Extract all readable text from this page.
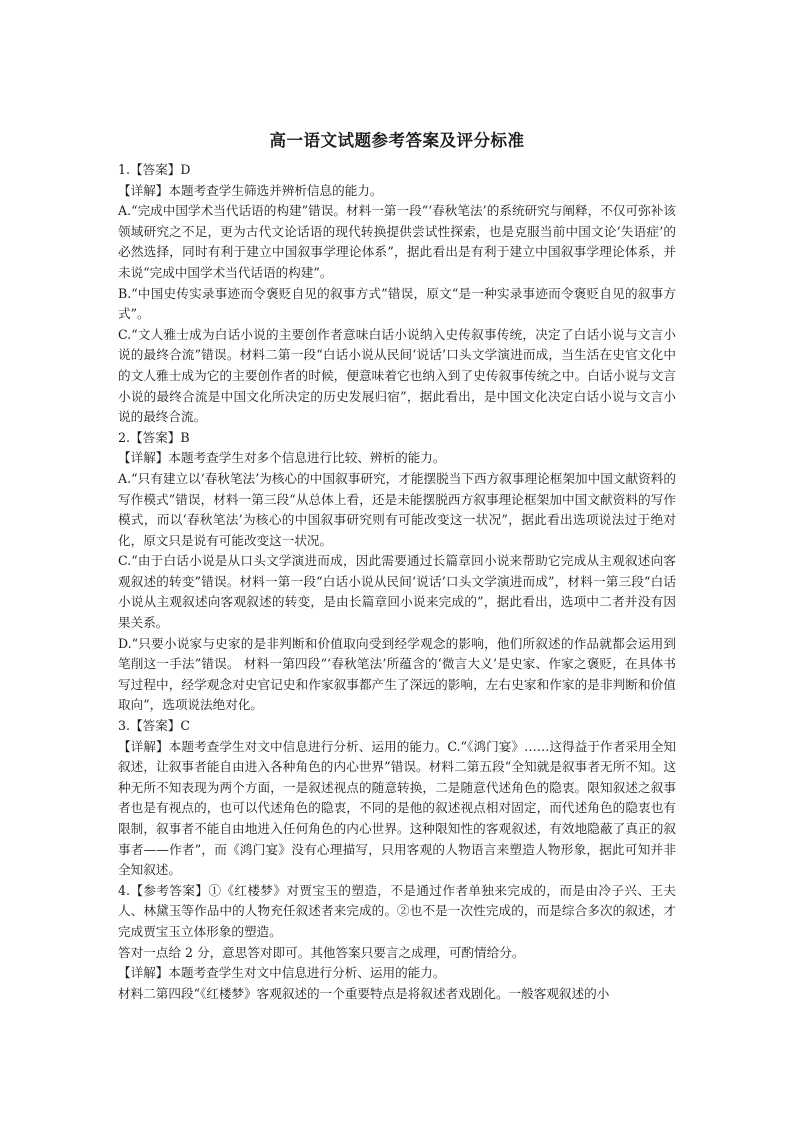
高一语文试题参考答案及评分标准

1.【答案】D

【详解】本题考查学生筛选并辨析信息的能力。

A.“完成中国学术当代话语的构建”错误。材料一第一段“‘春秋笔法’的系统研究与阐释，不仅可弥补该领域研究之不足，更为古代文论话语的现代转换提供尝试性探索，也是克服当前中国文论‘失语症’的必然选择，同时有利于建立中国叙事学理论体系”，据此看出是有利于建立中国叙事学理论体系，并未说“完成中国学术当代话语的构建”。

B.“中国史传实录事迹而令褒贬自见的叙事方式”错误，原文“是一种实录事迹而令褒贬自见的叙事方式”。

C.“文人雅士成为白话小说的主要创作者意味白话小说纳入史传叙事传统，决定了白话小说与文言小说的最终合流”错误。材料二第一段“白话小说从民间‘说话’口头文学演进而成，当生活在史官文化中的文人雅士成为它的主要创作者的时候，便意味着它也纳入到了史传叙事传统之中。白话小说与文言小说的最终合流是中国文化所决定的历史发展归宿”，据此看出，是中国文化决定白话小说与文言小说的最终合流。

2.【答案】B

【详解】本题考查学生对多个信息进行比较、辨析的能力。

A.“只有建立以‘春秋笔法’为核心的中国叙事研究，才能摆脱当下西方叙事理论框架加中国文献资料的写作模式”错误，材料一第三段“从总体上看，还是未能摆脱西方叙事理论框架加中国文献资料的写作模式，而以‘春秋笔法’为核心的中国叙事研究则有可能改变这一状况”，据此看出选项说法过于绝对化，原文只是说有可能改变这一状况。

C.“由于白话小说是从口头文学演进而成，因此需要通过长篇章回小说来帮助它完成从主观叙述向客观叙述的转变”错误。材料一第一段“白话小说从民间‘说话’口头文学演进而成”，材料一第三段“白话小说从主观叙述向客观叙述的转变，是由长篇章回小说来完成的”，据此看出，选项中二者并没有因果关系。

D.“只要小说家与史家的是非判断和价值取向受到经学观念的影响，他们所叙述的作品就都会运用到笔削这一手法”错误。 材料一第四段“‘春秋笔法’所蕴含的‘微言大义’是史家、作家之褒贬，在具体书写过程中，经学观念对史官记史和作家叙事都产生了深远的影响，左右史家和作家的是非判断和价值取向”，选项说法绝对化。

3.【答案】C

【详解】本题考查学生对文中信息进行分析、运用的能力。C.“《鸿门宴》……这得益于作者采用全知叙述，让叙事者能自由进入各种角色的内心世界”错误。材料二第五段“全知就是叙事者无所不知。这种无所不知表现为两个方面，一是叙述视点的随意转换，二是随意代述角色的隐衷。限知叙述之叙事者也是有视点的，也可以代述角色的隐衷，不同的是他的叙述视点相对固定，而代述角色的隐衷也有限制，叙事者不能自由地进入任何角色的内心世界。这种限知性的客观叙述，有效地隐蔽了真正的叙事者——作者”，而《鸿门宴》没有心理描写，只用客观的人物语言来塑造人物形象，据此可知并非全知叙述。

4.【参考答案】①《红楼梦》对贾宝玉的塑造，不是通过作者单独来完成的，而是由冷子兴、王夫人、林黛玉等作品中的人物充任叙述者来完成的。②也不是一次性完成的，而是综合多次的叙述，才完成贾宝玉立体形象的塑造。

答对一点给 2 分，意思答对即可。其他答案只要言之成理，可酌情给分。

【详解】本题考查学生对文中信息进行分析、运用的能力。

材料二第四段“《红楼梦》客观叙述的一个重要特点是将叙述者戏剧化。一般客观叙述的小
